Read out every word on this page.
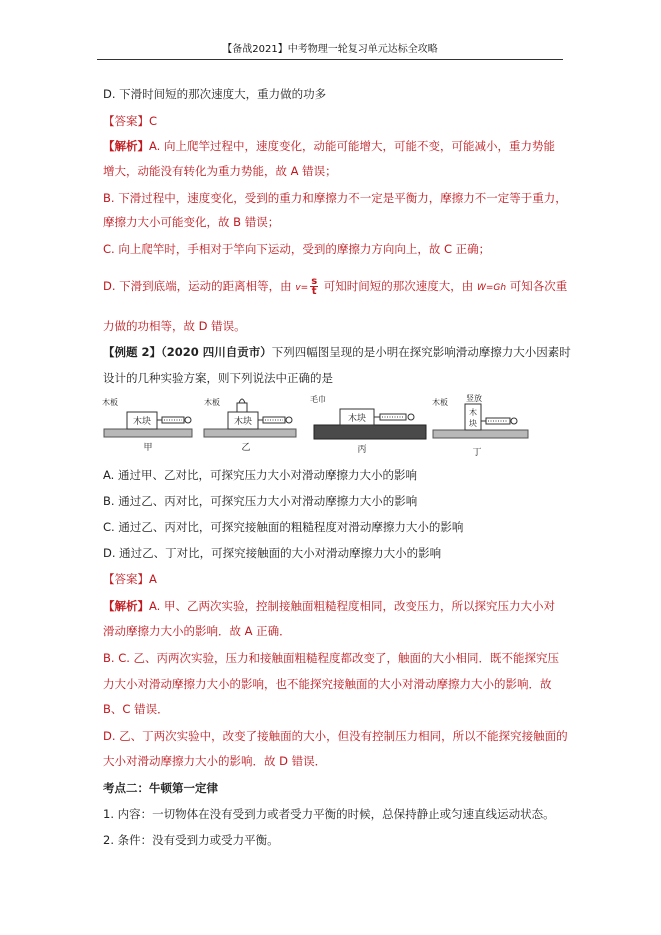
【备战2021】中考物理一轮复习单元达标全攻略
D. 下滑时间短的那次速度大，重力做的功多
【答案】C
【解析】A. 向上爬竿过程中，速度变化，动能可能增大，可能不变，可能减小，重力势能
增大，动能没有转化为重力势能，故 A 错误；
B. 下滑过程中，速度变化，受到的重力和摩擦力不一定是平衡力，摩擦力不一定等于重力，
摩擦力大小可能变化，故 B 错误；
C. 向上爬竿时，手相对于竿向下运动，受到的摩擦力方向向上，故 C 正确；
D. 下滑到底端，运动的距离相等，由 $v= \frac{s}{t}$ 可知时间短的那次速度大，由 W=Gh 可知各次重
力做的功相等，故 D 错误。
【例题 2】（2020 四川自贡市）下列四幅图呈现的是小明在探究影响滑动摩擦力大小因素时
设计的几种实验方案，则下列说法中正确的是
木板
木块
甲
木板
木块
乙
毛巾
木块
丙
木板 竖放
木
块
丁
A. 通过甲、乙对比，可探究压力大小对滑动摩擦力大小的影响
B. 通过乙、丙对比，可探究压力大小对滑动摩擦力大小的影响
C. 通过乙、丙对比，可探究接触面的粗糙程度对滑动摩擦力大小的影响
D. 通过乙、丁对比，可探究接触面的大小对滑动摩擦力大小的影响
【答案】A
【解析】A. 甲、乙两次实验，控制接触面粗糙程度相同，改变压力，所以探究压力大小对
滑动摩擦力大小的影响．故 A 正确．
B. C. 乙、丙两次实验，压力和接触面粗糙程度都改变了，触面的大小相同．既不能探究压
力大小对滑动摩擦力大小的影响，也不能探究接触面的大小对滑动摩擦力大小的影响．故
B、C 错误．
D. 乙、丁两次实验中，改变了接触面的大小，但没有控制压力相同，所以不能探究接触面的
大小对滑动摩擦力大小的影响．故 D 错误．
考点二：牛顿第一定律
1. 内容：一切物体在没有受到力或者受力平衡的时候，总保持静止或匀速直线运动状态。
2. 条件：没有受到力或受力平衡。
